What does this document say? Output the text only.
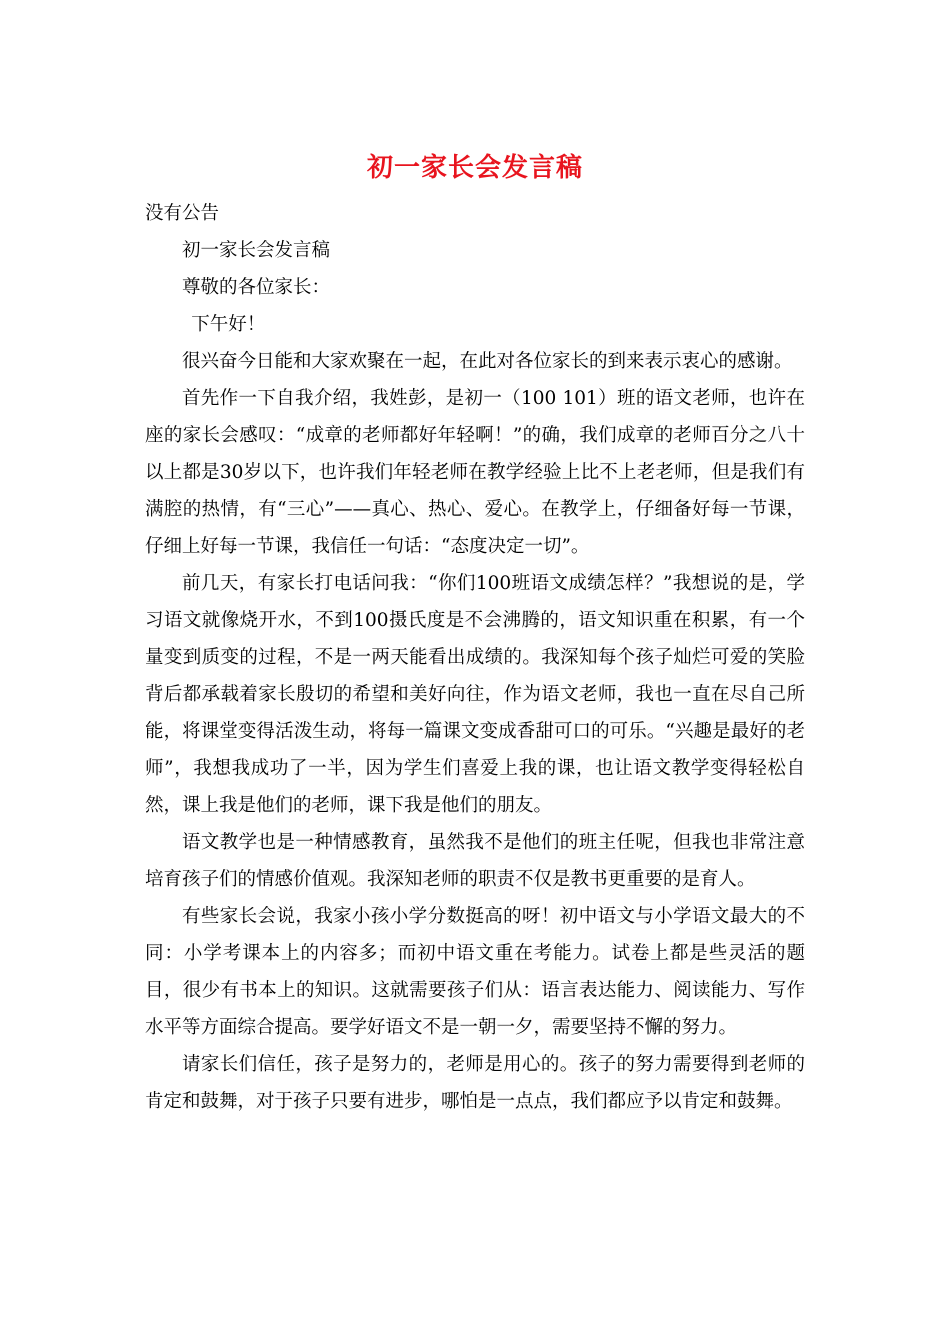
初一家长会发言稿

没有公告

初一家长会发言稿

尊敬的各位家长：

下午好！

很兴奋今日能和大家欢聚在一起，在此对各位家长的到来表示衷心的感谢。

首先作一下自我介绍，我姓彭，是初一（100 101）班的语文老师，也许在座的家长会感叹：“成章的老师都好年轻啊！”的确，我们成章的老师百分之八十以上都是30岁以下，也许我们年轻老师在教学经验上比不上老老师，但是我们有满腔的热情，有“三心”——真心、热心、爱心。在教学上，仔细备好每一节课，仔细上好每一节课，我信任一句话：“态度决定一切”。

前几天，有家长打电话问我：“你们100班语文成绩怎样？”我想说的是，学习语文就像烧开水，不到100摄氏度是不会沸腾的，语文知识重在积累，有一个量变到质变的过程，不是一两天能看出成绩的。我深知每个孩子灿烂可爱的笑脸背后都承载着家长殷切的希望和美好向往，作为语文老师，我也一直在尽自己所能，将课堂变得活泼生动，将每一篇课文变成香甜可口的可乐。“兴趣是最好的老师”，我想我成功了一半，因为学生们喜爱上我的课，也让语文教学变得轻松自然，课上我是他们的老师，课下我是他们的朋友。

语文教学也是一种情感教育，虽然我不是他们的班主任呢，但我也非常注意培育孩子们的情感价值观。我深知老师的职责不仅是教书更重要的是育人。

有些家长会说，我家小孩小学分数挺高的呀！初中语文与小学语文最大的不同：小学考课本上的内容多；而初中语文重在考能力。试卷上都是些灵活的题目，很少有书本上的知识。这就需要孩子们从：语言表达能力、阅读能力、写作水平等方面综合提高。要学好语文不是一朝一夕，需要坚持不懈的努力。

请家长们信任，孩子是努力的，老师是用心的。孩子的努力需要得到老师的肯定和鼓舞，对于孩子只要有进步，哪怕是一点点，我们都应予以肯定和鼓舞。
